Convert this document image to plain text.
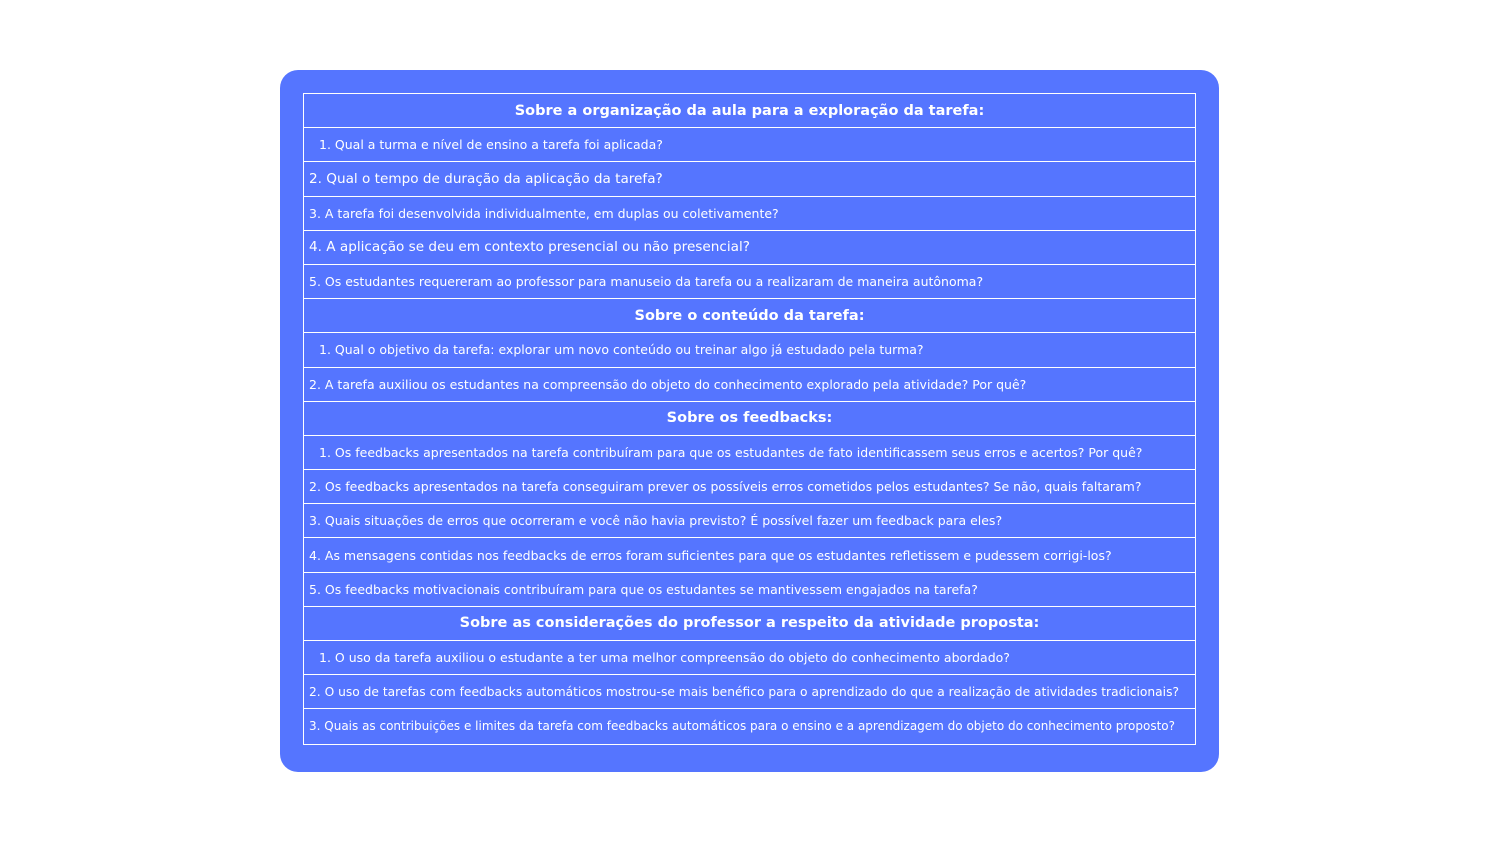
Sobre a organização da aula para a exploração da tarefa:
1. Qual a turma e nível de ensino a tarefa foi aplicada?
2. Qual o tempo de duração da aplicação da tarefa?
3. A tarefa foi desenvolvida individualmente, em duplas ou coletivamente?
4. A aplicação se deu em contexto presencial ou não presencial?
5. Os estudantes requereram ao professor para manuseio da tarefa ou a realizaram de maneira autônoma?
Sobre o conteúdo da tarefa:
1. Qual o objetivo da tarefa: explorar um novo conteúdo ou treinar algo já estudado pela turma?
2. A tarefa auxiliou os estudantes na compreensão do objeto do conhecimento explorado pela atividade? Por quê?
Sobre os feedbacks:
1. Os feedbacks apresentados na tarefa contribuíram para que os estudantes de fato identificassem seus erros e acertos? Por quê?
2. Os feedbacks apresentados na tarefa conseguiram prever os possíveis erros cometidos pelos estudantes? Se não, quais faltaram?
3. Quais situações de erros que ocorreram e você não havia previsto? É possível fazer um feedback para eles?
4. As mensagens contidas nos feedbacks de erros foram suficientes para que os estudantes refletissem e pudessem corrigi-los?
5. Os feedbacks motivacionais contribuíram para que os estudantes se mantivessem engajados na tarefa?
Sobre as considerações do professor a respeito da atividade proposta:
1. O uso da tarefa auxiliou o estudante a ter uma melhor compreensão do objeto do conhecimento abordado?
2. O uso de tarefas com feedbacks automáticos mostrou-se mais benéfico para o aprendizado do que a realização de atividades tradicionais?
3. Quais as contribuições e limites da tarefa com feedbacks automáticos para o ensino e a aprendizagem do objeto do conhecimento proposto?
